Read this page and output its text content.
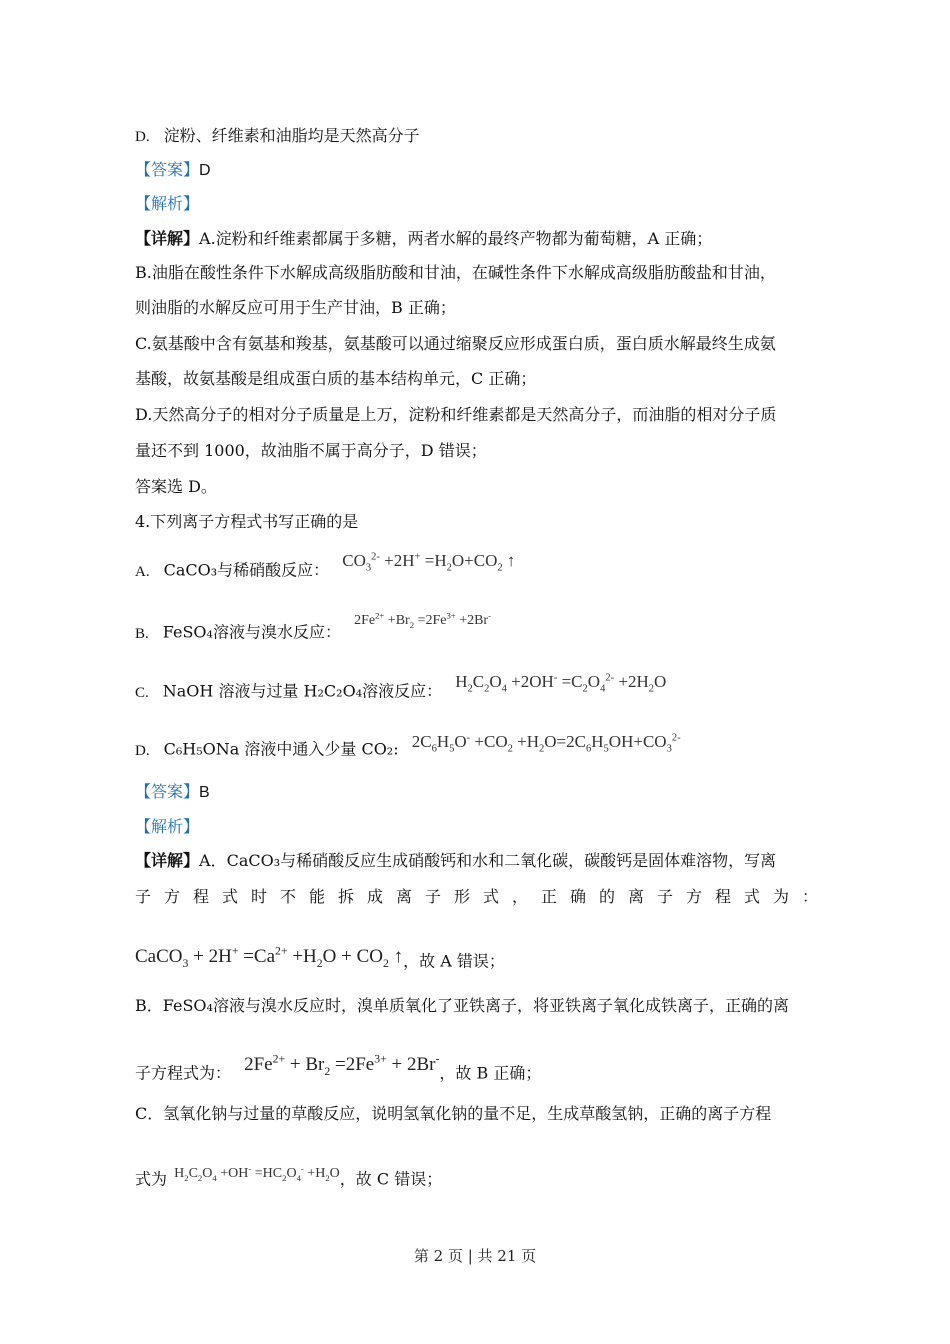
D. 淀粉、纤维素和油脂均是天然高分子
【答案】D
【解析】
【详解】A.淀粉和纤维素都属于多糖，两者水解的最终产物都为葡萄糖，A 正确；
B.油脂在酸性条件下水解成高级脂肪酸和甘油，在碱性条件下水解成高级脂肪酸盐和甘油，
则油脂的水解反应可用于生产甘油，B 正确；
C.氨基酸中含有氨基和羧基，氨基酸可以通过缩聚反应形成蛋白质，蛋白质水解最终生成氨
基酸，故氨基酸是组成蛋白质的基本结构单元，C 正确；
D.天然高分子的相对分子质量是上万，淀粉和纤维素都是天然高分子，而油脂的相对分子质
量还不到 1000，故油脂不属于高分子，D 错误；
答案选 D。
4.下列离子方程式书写正确的是
A. CaCO₃与稀硝酸反应： $CO_3^{2-} +2H^+ =H_2O+CO_2$ ↑
B. FeSO₄溶液与溴水反应： $2Fe^{2+} +Br_2 =2Fe^{3+} +2Br^-$
C. NaOH 溶液与过量 H₂C₂O₄溶液反应： $H_2C_2O_4 +2OH^- =C_2O_4^{2-} +2H_2O$
D. C₆H₅ONa 溶液中通入少量 CO₂: $2C_6H_5O^- +CO_2 +H_2O=2C_6H_5OH+CO_3^{2-}$
【答案】B
【解析】
【详解】A．CaCO₃与稀硝酸反应生成硝酸钙和水和二氧化碳，碳酸钙是固体难溶物，写离
子方程式时不能拆成离子形式，正确的离子方程式为：
CaCO$_3$ + $2H^+ =Ca^{2+} +H_2O + CO_2$ ↑，故 A 错误；
B．FeSO₄溶液与溴水反应时，溴单质氧化了亚铁离子，将亚铁离子氧化成铁离子，正确的离
子方程式为： $2Fe^{2+} + Br_2 =2Fe^{3+} + 2Br^-$，故 B 正确；
C．氢氧化钠与过量的草酸反应，说明氢氧化钠的量不足，生成草酸氢钠，正确的离子方程
式为 $H_2C_2O_4 +OH^- =HC_2O_4^- +H_2O$，故 C 错误；
第 2 页 | 共 21 页
